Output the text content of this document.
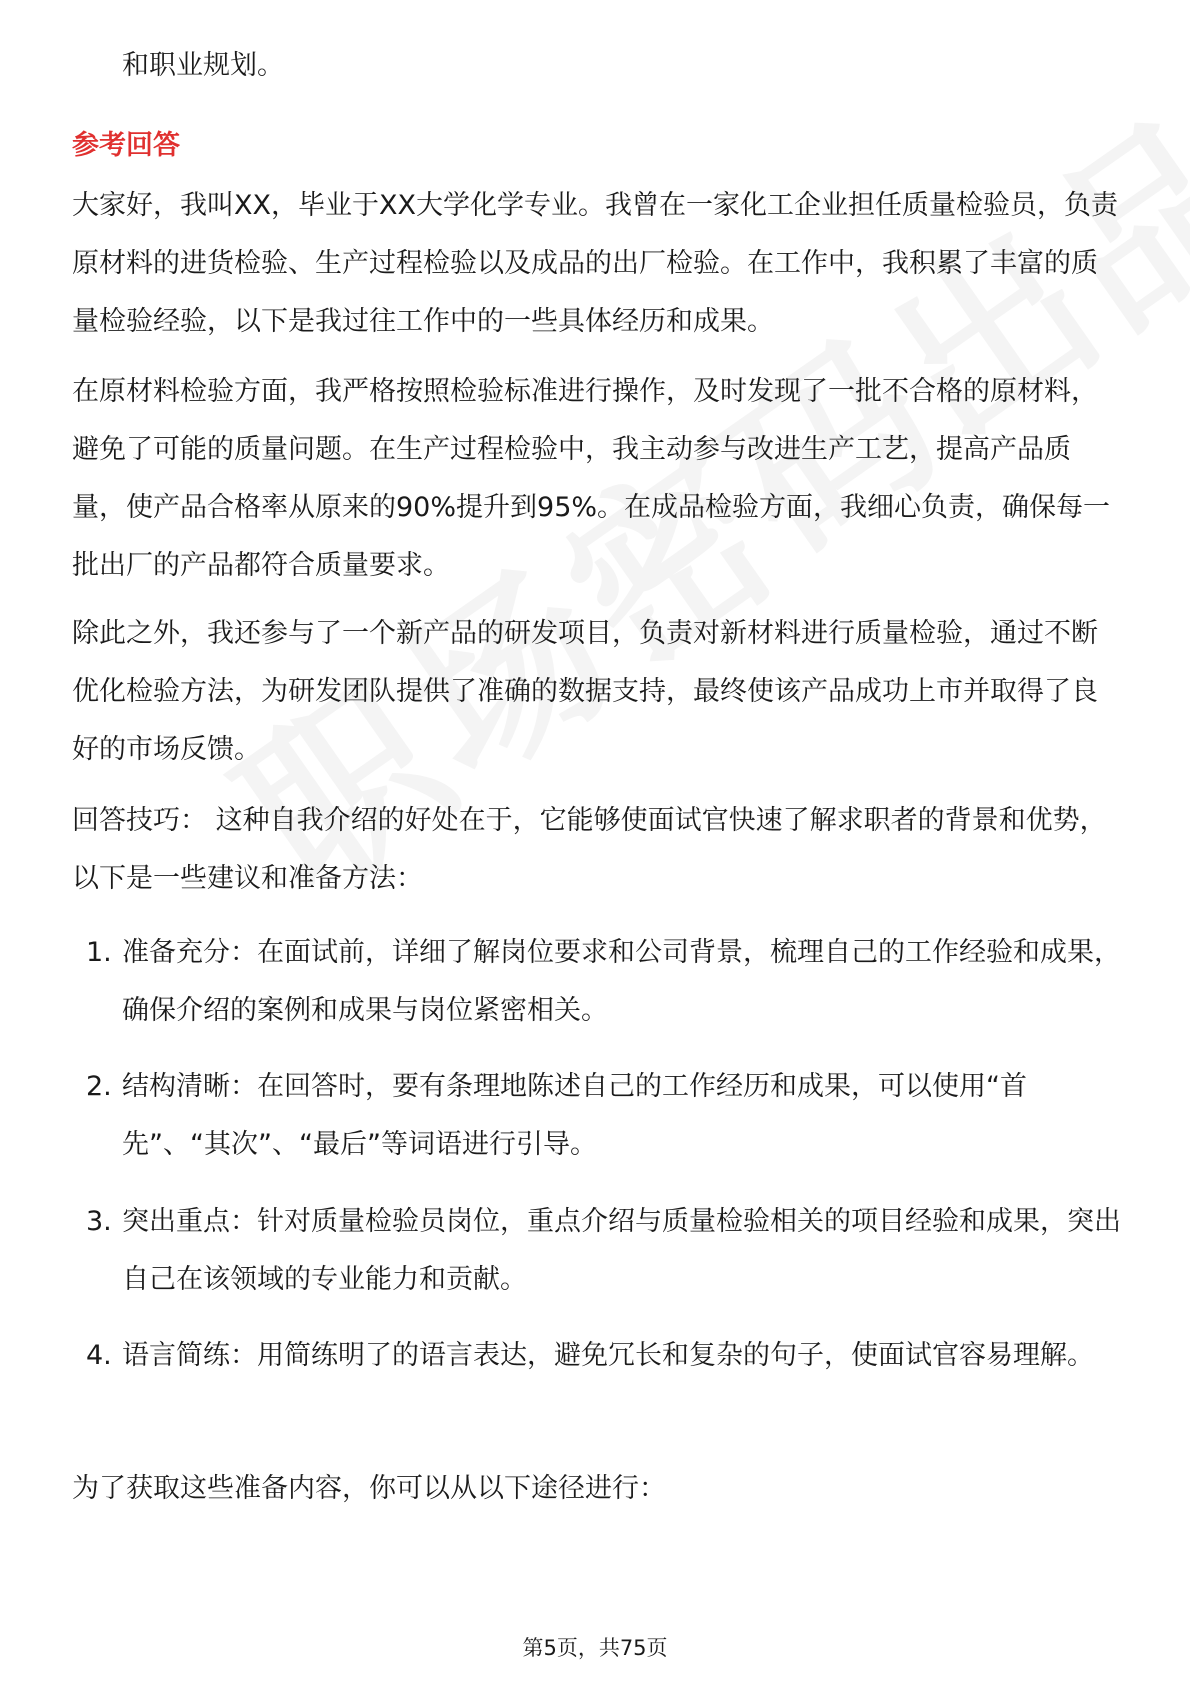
和职业规划。
参考回答

大家好，我叫XX，毕业于XX大学化学专业。我曾在一家化工企业担任质量检验员，负责原材料的进货检验、生产过程检验以及成品的出厂检验。在工作中，我积累了丰富的质量检验经验，以下是我过往工作中的一些具体经历和成果。

在原材料检验方面，我严格按照检验标准进行操作，及时发现了一批不合格的原材料，避免了可能的质量问题。在生产过程检验中，我主动参与改进生产工艺，提高产品质量，使产品合格率从原来的90%提升到95%。在成品检验方面，我细心负责，确保每一批出厂的产品都符合质量要求。

除此之外，我还参与了一个新产品的研发项目，负责对新材料进行质量检验，通过不断优化检验方法，为研发团队提供了准确的数据支持，最终使该产品成功上市并取得了良好的市场反馈。

回答技巧： 这种自我介绍的好处在于，它能够使面试官快速了解求职者的背景和优势，以下是一些建议和准备方法：

1. 准备充分：在面试前，详细了解岗位要求和公司背景，梳理自己的工作经验和成果，确保介绍的案例和成果与岗位紧密相关。
2. 结构清晰：在回答时，要有条理地陈述自己的工作经历和成果，可以使用“首先”、“其次”、“最后”等词语进行引导。
3. 突出重点：针对质量检验员岗位，重点介绍与质量检验相关的项目经验和成果，突出自己在该领域的专业能力和贡献。
4. 语言简练：用简练明了的语言表达，避免冗长和复杂的句子，使面试官容易理解。

为了获取这些准备内容，你可以从以下途径进行：

第5页，共75页
